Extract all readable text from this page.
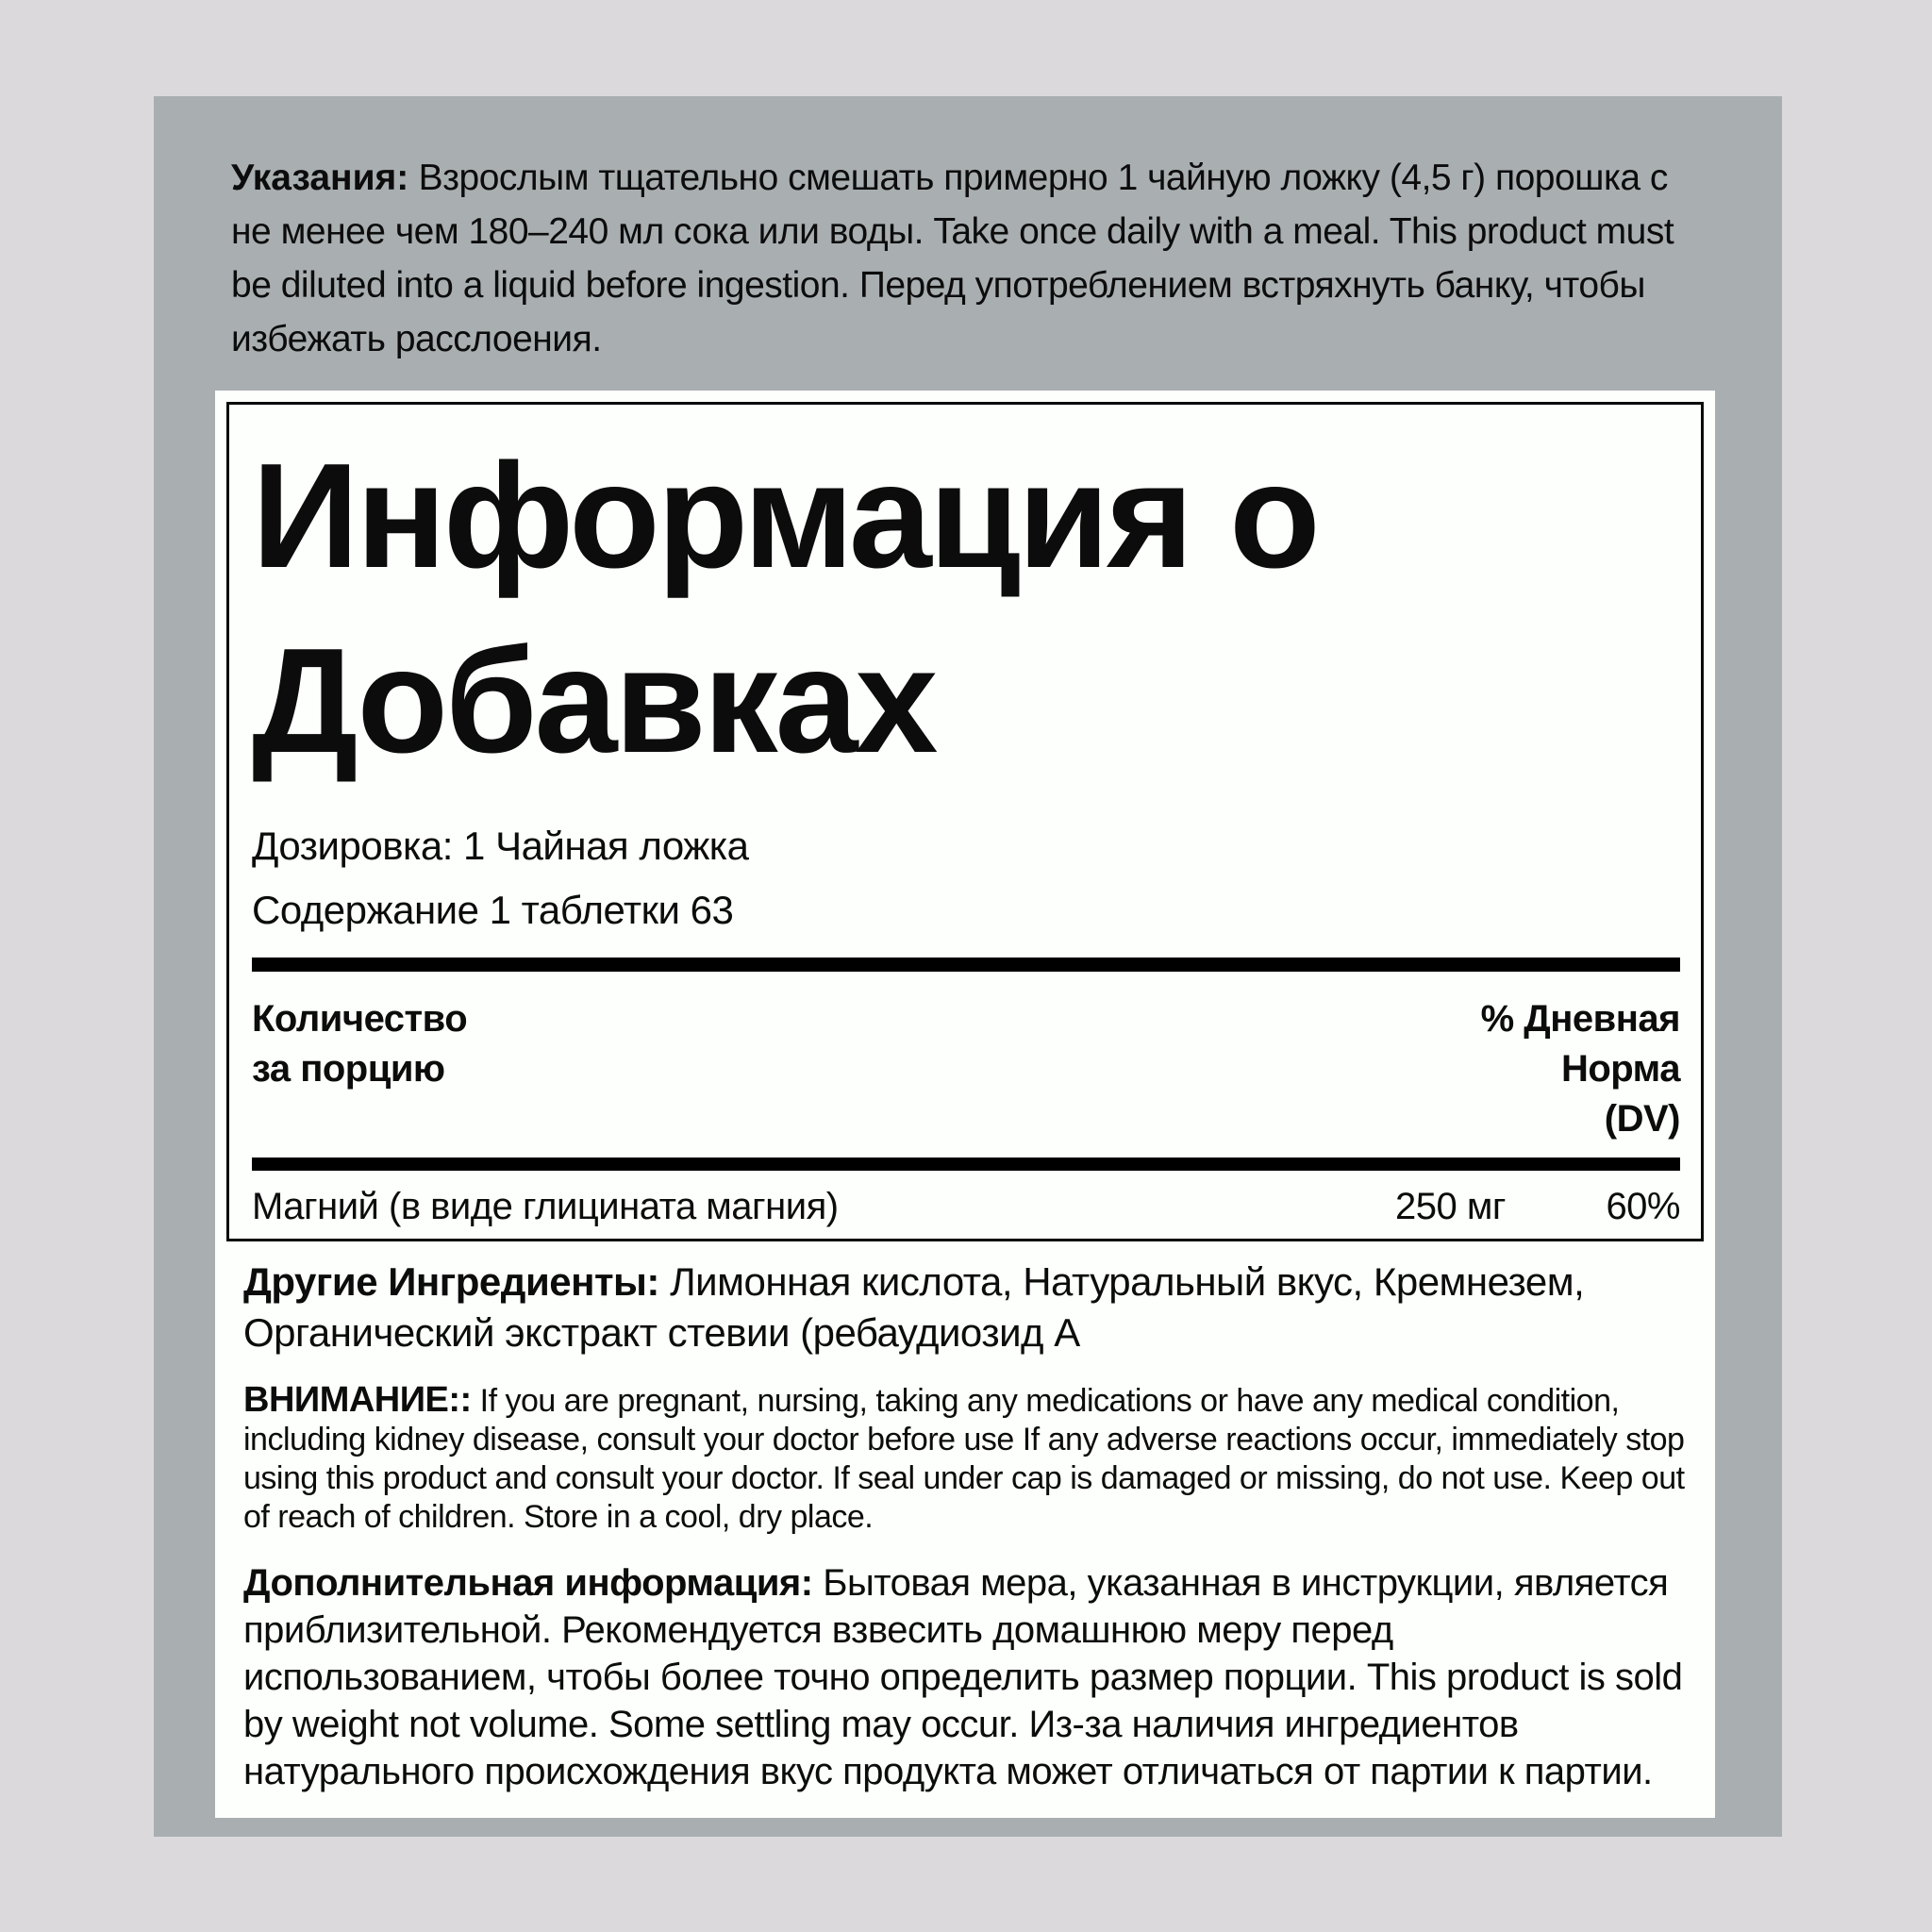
Указания: Взрослым тщательно смешать примерно 1 чайную ложку (4,5 г) порошка с не менее чем 180–240 мл сока или воды. Take once daily with a meal. This product must be diluted into a liquid before ingestion. Перед употреблением встряхнуть банку, чтобы избежать расслоения.

Информация о Добавках
Дозировка: 1 Чайная ложка
Содержание 1 таблетки 63
Количество
за порцию
% Дневная
Норма
(DV)
Магний (в виде глицината магния)	250 мг	60%

Другие Ингредиенты: Лимонная кислота, Натуральный вкус, Кремнезем, Органический экстракт стевии (ребаудиозид А

ВНИМАНИЕ:: If you are pregnant, nursing, taking any medications or have any medical condition, including kidney disease, consult your doctor before use If any adverse reactions occur, immediately stop using this product and consult your doctor. If seal under cap is damaged or missing, do not use. Keep out of reach of children. Store in a cool, dry place.

Дополнительная информация: Бытовая мера, указанная в инструкции, является приблизительной. Рекомендуется взвесить домашнюю меру перед использованием, чтобы более точно определить размер порции. This product is sold by weight not volume. Some settling may occur. Из-за наличия ингредиентов натурального происхождения вкус продукта может отличаться от партии к партии.
